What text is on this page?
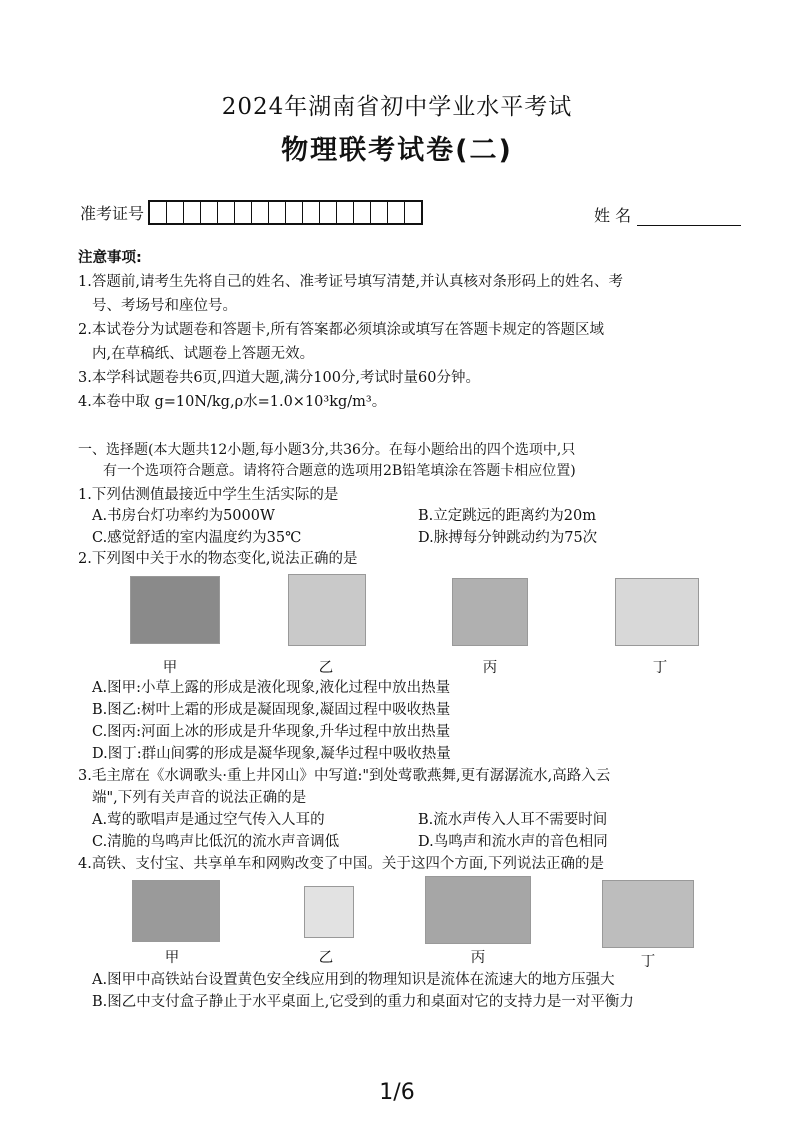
2024年湖南省初中学业水平考试
物理联考试卷(二)
准考证号	姓 名
注意事项:
1.答题前,请考生先将自己的姓名、准考证号填写清楚,并认真核对条形码上的姓名、考
号、考场号和座位号。
2.本试卷分为试题卷和答题卡,所有答案都必须填涂或填写在答题卡规定的答题区域
内,在草稿纸、试题卷上答题无效。
3.本学科试题卷共6页,四道大题,满分100分,考试时量60分钟。
4.本卷中取 g=10N/kg,ρ水=1.0×10³kg/m³。
一、选择题(本大题共12小题,每小题3分,共36分。在每小题给出的四个选项中,只
有一个选项符合题意。请将符合题意的选项用2B铅笔填涂在答题卡相应位置)
1.下列估测值最接近中学生生活实际的是
A.书房台灯功率约为5000W	B.立定跳远的距离约为20m
C.感觉舒适的室内温度约为35℃	D.脉搏每分钟跳动约为75次
2.下列图中关于水的物态变化,说法正确的是
甲	乙	丙	丁
A.图甲:小草上露的形成是液化现象,液化过程中放出热量
B.图乙:树叶上霜的形成是凝固现象,凝固过程中吸收热量
C.图丙:河面上冰的形成是升华现象,升华过程中放出热量
D.图丁:群山间雾的形成是凝华现象,凝华过程中吸收热量
3.毛主席在《水调歌头·重上井冈山》中写道:"到处莺歌燕舞,更有潺潺流水,高路入云
端",下列有关声音的说法正确的是
A.莺的歌唱声是通过空气传入人耳的	B.流水声传入人耳不需要时间
C.清脆的鸟鸣声比低沉的流水声音调低	D.鸟鸣声和流水声的音色相同
4.高铁、支付宝、共享单车和网购改变了中国。关于这四个方面,下列说法正确的是
甲	乙	丙	丁
A.图甲中高铁站台设置黄色安全线应用到的物理知识是流体在流速大的地方压强大
B.图乙中支付盒子静止于水平桌面上,它受到的重力和桌面对它的支持力是一对平衡力
1/6
